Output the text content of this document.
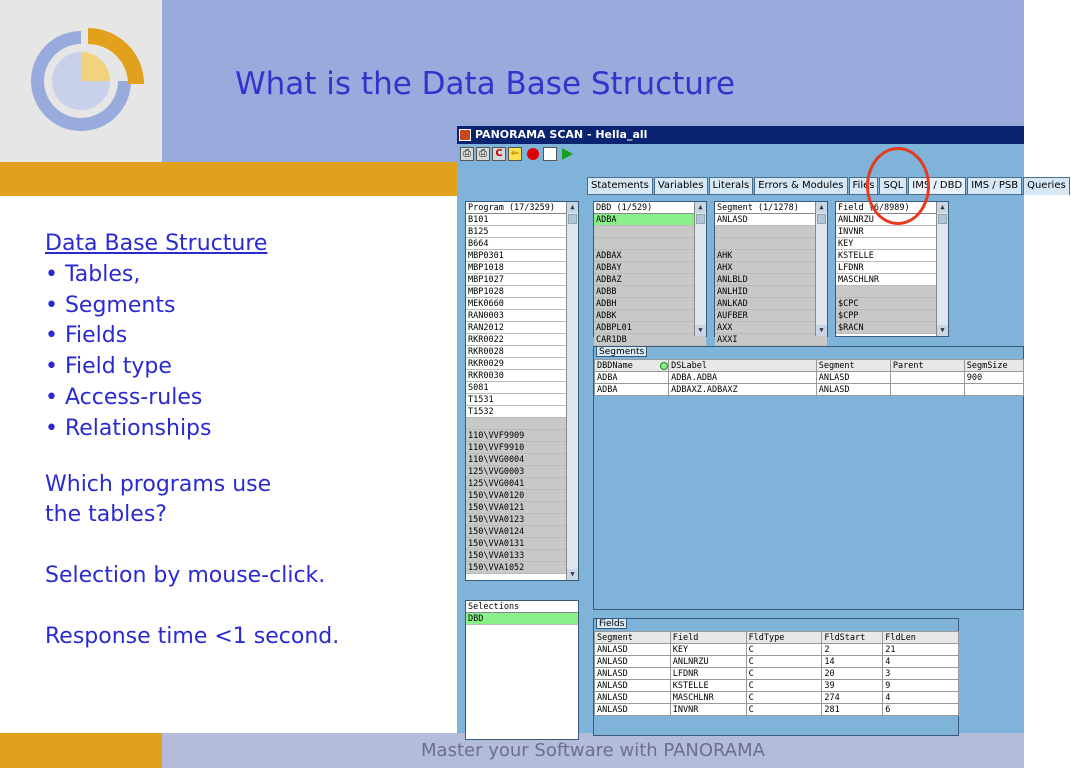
What is the Data Base Structure
Data Base Structure
• Tables,
• Segments
• Fields
• Field type
• Access-rules
• Relationships
Which programs use
the tables?
Selection by mouse-click.
Response time <1 second.
Master your Software with PANORAMA
PANORAMA SCAN - Hella_all
⎙ ⎙ C ⇐
Statements Variables Literals Errors & Modules Files SQL IMS / DBD IMS / PSB Queries
Program (17/3259)
B101
B125
B664
MBP0301
MBP1018
MBP1027
MBP1028
MEK0660
RAN0003
RAN2012
RKR0022
RKR0028
RKR0029
RKR0030
S081
T1531
T1532
110\VVF9909
110\VVF9910
110\VVG0004
125\VVG0003
125\VVG0041
150\VVA0120
150\VVA0121
150\VVA0123
150\VVA0124
150\VVA0131
150\VVA0133
150\VVA1052
▲
▼
DBD (1/529)
ADBA
ADBAX
ADBAY
ADBAZ
ADBB
ADBH
ADBK
ADBPL01
CAR1DB
▲
▼
Segment (1/1278)
ANLASD
AHK
AHX
ANLBLD
ANLHID
ANLKAD
AUFBER
AXX
AXXI
▲
▼
Field (6/8989)
ANLNRZU
INVNR
KEY
KSTELLE
LFDNR
MASCHLNR
$CPC
$CPP
$RACN
▲
▼
Selections
DBD
Segments
DBDName	DSLabel	Segment	Parent	SegmSize
ADBA	ADBA.ADBA	ANLASD		900
ADBA	ADBAXZ.ADBAXZ	ANLASD		
Fields
Segment	Field	FldType	FldStart	FldLen
ANLASD	KEY	C	2	21
ANLASD	ANLNRZU	C	14	4
ANLASD	LFDNR	C	20	3
ANLASD	KSTELLE	C	39	9
ANLASD	MASCHLNR	C	274	4
ANLASD	INVNR	C	281	6
